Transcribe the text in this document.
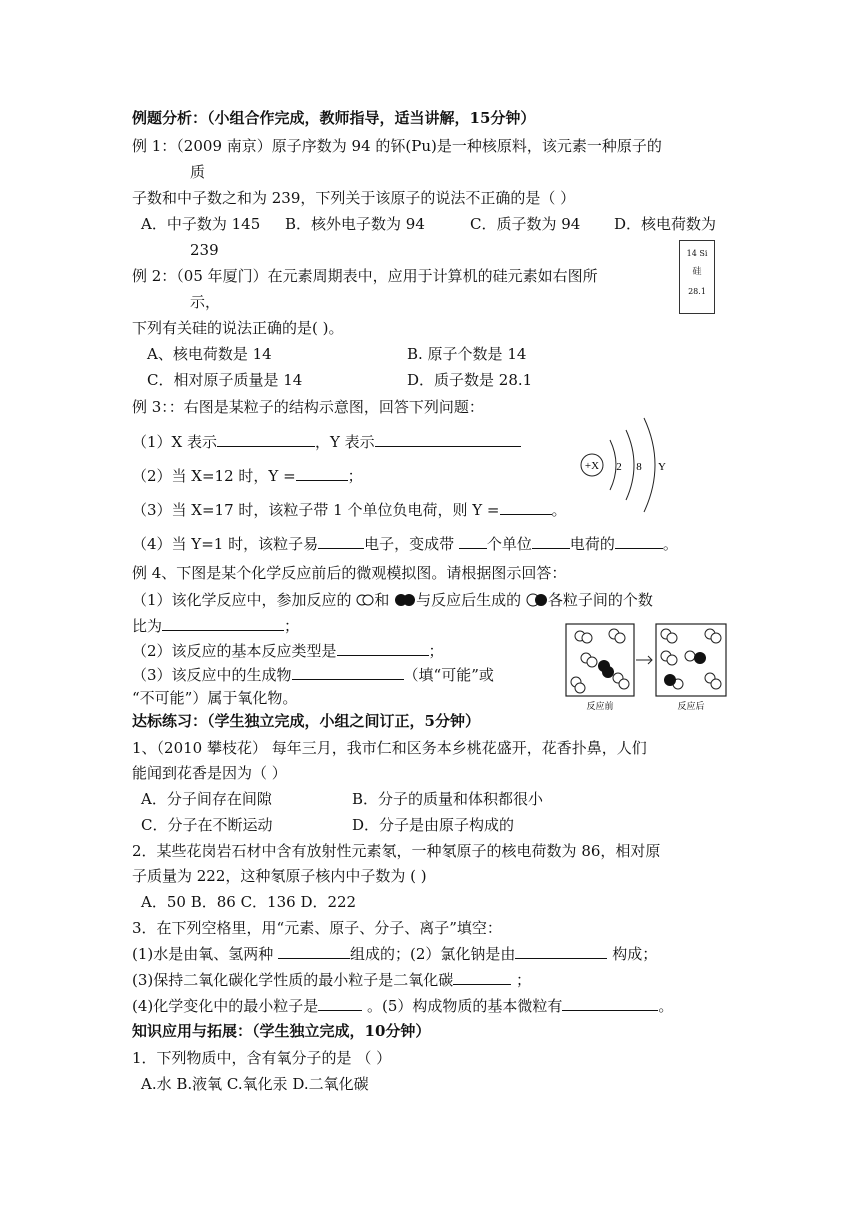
例题分析：（小组合作完成，教师指导，适当讲解，15分钟）
例 1：（2009 南京）原子序数为 94 的钚(Pu)是一种核原料，该元素一种原子的
质
子数和中子数之和为 239，下列关于该原子的说法不正确的是（ ）
A．中子数为 145 B．核外电子数为 94	C．质子数为 94 D．核电荷数为
239
例 2：（05 年厦门）在元素周期表中，应用于计算机的硅元素如右图所
示，
下列有关硅的说法正确的是( )。
A、核电荷数是 14	B. 原子个数是 14
C．相对原子质量是 14	D．质子数是 28.1
14 Si
硅
28.1
例 3：：右图是某粒子的结构示意图，回答下列问题：
（1）X 表示	，Y 表示
（2）当 X=12 时，Y =	；
（3）当 X=17 时，该粒子带 1 个单位负电荷，则 Y =	。
（4）当 Y=1 时，该粒子易	电子，变成带 个单位	电荷的	。
+X 2 8 Y
例 4、下图是某个化学反应前后的微观模拟图。请根据图示回答：
（1）该化学反应中，参加反应的 和 与反应后生成的 各粒子间的个数
比为	；
（2）该反应的基本反应类型是	；
（3）该反应中的生成物	（填“可能”或
“不可能”）属于氧化物。	反应前	反应后
达标练习：（学生独立完成，小组之间订正，5分钟）
1、（2010 攀枝花） 每年三月，我市仁和区务本乡桃花盛开，花香扑鼻，人们
能闻到花香是因为（ ）
A．分子间存在间隙	B．分子的质量和体积都很小
C．分子在不断运动	D．分子是由原子构成的
2．某些花岗岩石材中含有放射性元素氡，一种氡原子的核电荷数为 86，相对原
子质量为 222，这种氡原子核内中子数为 ( )
A．50 B．86 C．136 D．222
3．在下列空格里，用“元素、原子、分子、离子”填空：
(1)水是由氧、氢两种	组成的；(2）氯化钠是由	构成；
(3)保持二氧化碳化学性质的最小粒子是二氧化碳	；
(4)化学变化中的最小粒子是	。(5）构成物质的基本微粒有	。
知识应用与拓展：（学生独立完成，10分钟）
1．下列物质中，含有氧分子的是 （ ）
A.水 B.液氧 C.氧化汞 D.二氧化碳
